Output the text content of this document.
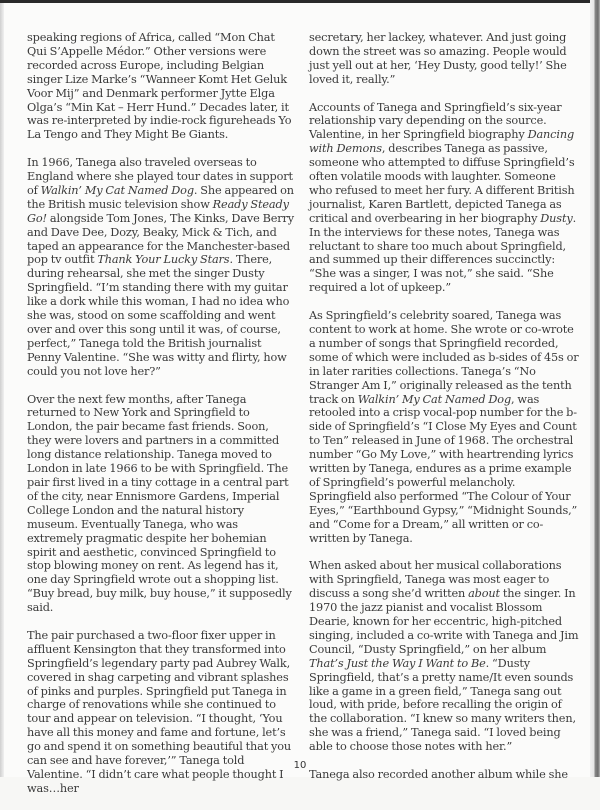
speaking regions of Africa, called “Mon Chat Qui S’Appelle Médor.” Other versions were recorded across Europe, including Belgian singer Lize Marke’s “Wanneer Komt Het Geluk Voor Mij” and Denmark performer Jytte Elga Olga’s “Min Kat – Herr Hund.” Decades later, it was re-interpreted by indie-rock figureheads Yo La Tengo and They Might Be Giants.

In 1966, Tanega also traveled overseas to England where she played tour dates in support of Walkin’ My Cat Named Dog. She appeared on the British music television show Ready Steady Go! alongside Tom Jones, The Kinks, Dave Berry and Dave Dee, Dozy, Beaky, Mick & Tich, and taped an appearance for the Manchester-based pop tv outfit Thank Your Lucky Stars. There, during rehearsal, she met the singer Dusty Springfield. “I’m standing there with my guitar like a dork while this woman, I had no idea who she was, stood on some scaffolding and went over and over this song until it was, of course, perfect,” Tanega told the British journalist Penny Valentine. “She was witty and flirty, how could you not love her?”

Over the next few months, after Tanega returned to New York and Springfield to London, the pair became fast friends. Soon, they were lovers and partners in a committed long distance relationship. Tanega moved to London in late 1966 to be with Springfield. The pair first lived in a tiny cottage in a central part of the city, near Ennismore Gardens, Imperial College London and the natural history museum. Eventually Tanega, who was extremely pragmatic despite her bohemian spirit and aesthetic, convinced Springfield to stop blowing money on rent. As legend has it, one day Springfield wrote out a shopping list. “Buy bread, buy milk, buy house,” it supposedly said.

The pair purchased a two-floor fixer upper in affluent Kensington that they transformed into Springfield’s legendary party pad Aubrey Walk, covered in shag carpeting and vibrant splashes of pinks and purples. Springfield put Tanega in charge of renovations while she continued to tour and appear on television. “I thought, ‘You have all this money and fame and fortune, let’s go and spend it on something beautiful that you can see and have forever,’” Tanega told Valentine. “I didn’t care what people thought I was…her

secretary, her lackey, whatever. And just going down the street was so amazing. People would just yell out at her, ‘Hey Dusty, good telly!’ She loved it, really.”

Accounts of Tanega and Springfield’s six-year relationship vary depending on the source. Valentine, in her Springfield biography Dancing with Demons, describes Tanega as passive, someone who attempted to diffuse Springfield’s often volatile moods with laughter. Someone who refused to meet her fury. A different British journalist, Karen Bartlett, depicted Tanega as critical and overbearing in her biography Dusty. In the interviews for these notes, Tanega was reluctant to share too much about Springfield, and summed up their differences succinctly: “She was a singer, I was not,” she said. “She required a lot of upkeep.”

As Springfield’s celebrity soared, Tanega was content to work at home. She wrote or co-wrote a number of songs that Springfield recorded, some of which were included as b-sides of 45s or in later rarities collections. Tanega’s “No Stranger Am I,” originally released as the tenth track on Walkin’ My Cat Named Dog, was retooled into a crisp vocal-pop number for the b-side of Springfield’s “I Close My Eyes and Count to Ten” released in June of 1968. The orchestral number “Go My Love,” with heartrending lyrics written by Tanega, endures as a prime example of Springfield’s powerful melancholy. Springfield also performed “The Colour of Your Eyes,” “Earthbound Gypsy,” “Midnight Sounds,” and “Come for a Dream,” all written or co-written by Tanega.

When asked about her musical collaborations with Springfield, Tanega was most eager to discuss a song she’d written about the singer. In 1970 the jazz pianist and vocalist Blossom Dearie, known for her eccentric, high-pitched singing, included a co-write with Tanega and Jim Council, “Dusty Springfield,” on her album That’s Just the Way I Want to Be. “Dusty Springfield, that’s a pretty name/It even sounds like a game in a green field,” Tanega sang out loud, with pride, before recalling the origin of the collaboration. “I knew so many writers then, she was a friend,” Tanega said. “I loved being able to choose those notes with her.”

Tanega also recorded another album while she

10
